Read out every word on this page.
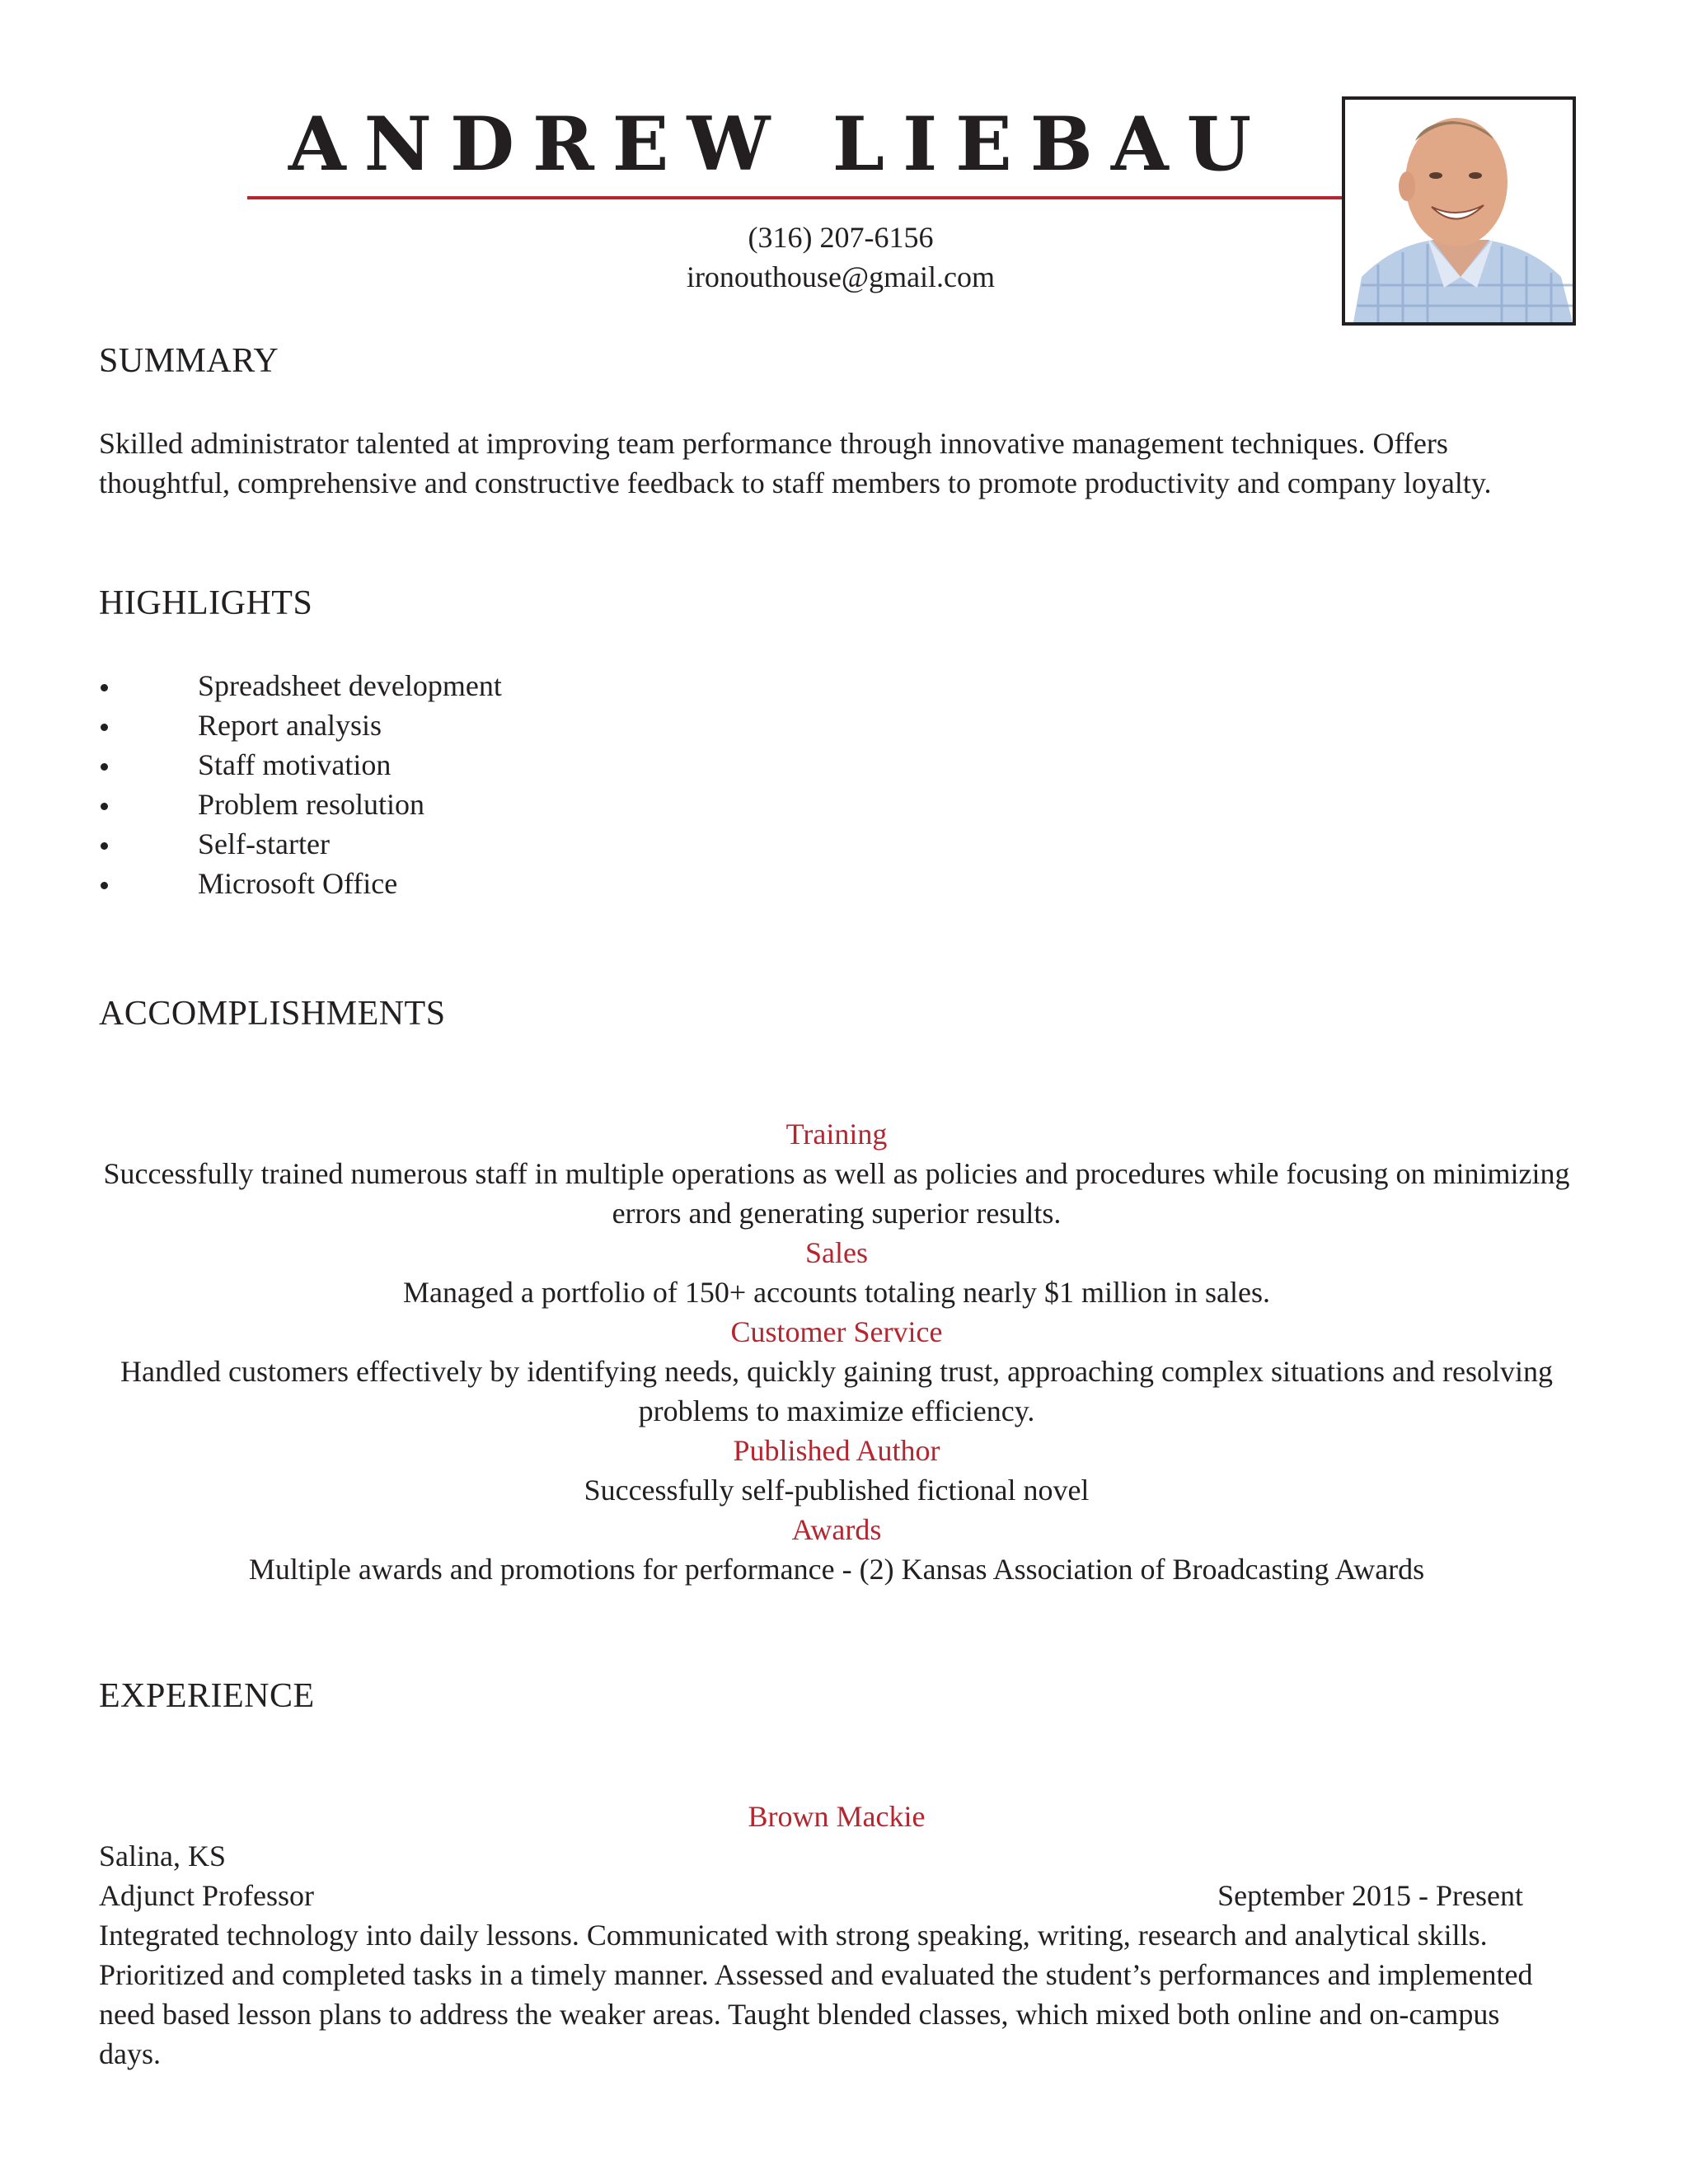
ANDREW LIEBAU
(316) 207-6156
ironouthouse@gmail.com
SUMMARY
Skilled administrator talented at improving team performance through innovative management techniques. Offers thoughtful, comprehensive and constructive feedback to staff members to promote productivity and company loyalty.
HIGHLIGHTS
Spreadsheet development
Report analysis
Staff motivation
Problem resolution
Self-starter
Microsoft Office
ACCOMPLISHMENTS
Training
Successfully trained numerous staff in multiple operations as well as policies and procedures while focusing on minimizing errors and generating superior results.
Sales
Managed a portfolio of 150+ accounts totaling nearly $1 million in sales.
Customer Service
Handled customers effectively by identifying needs, quickly gaining trust, approaching complex situations and resolving problems to maximize efficiency.
Published Author
Successfully self-published fictional novel
Awards
Multiple awards and promotions for performance - (2) Kansas Association of Broadcasting Awards
EXPERIENCE
Brown Mackie
Salina, KS
Adjunct Professor	September 2015 - Present
Integrated technology into daily lessons. Communicated with strong speaking, writing, research and analytical skills. Prioritized and completed tasks in a timely manner. Assessed and evaluated the student’s performances and implemented need based lesson plans to address the weaker areas. Taught blended classes, which mixed both online and on-campus days.
